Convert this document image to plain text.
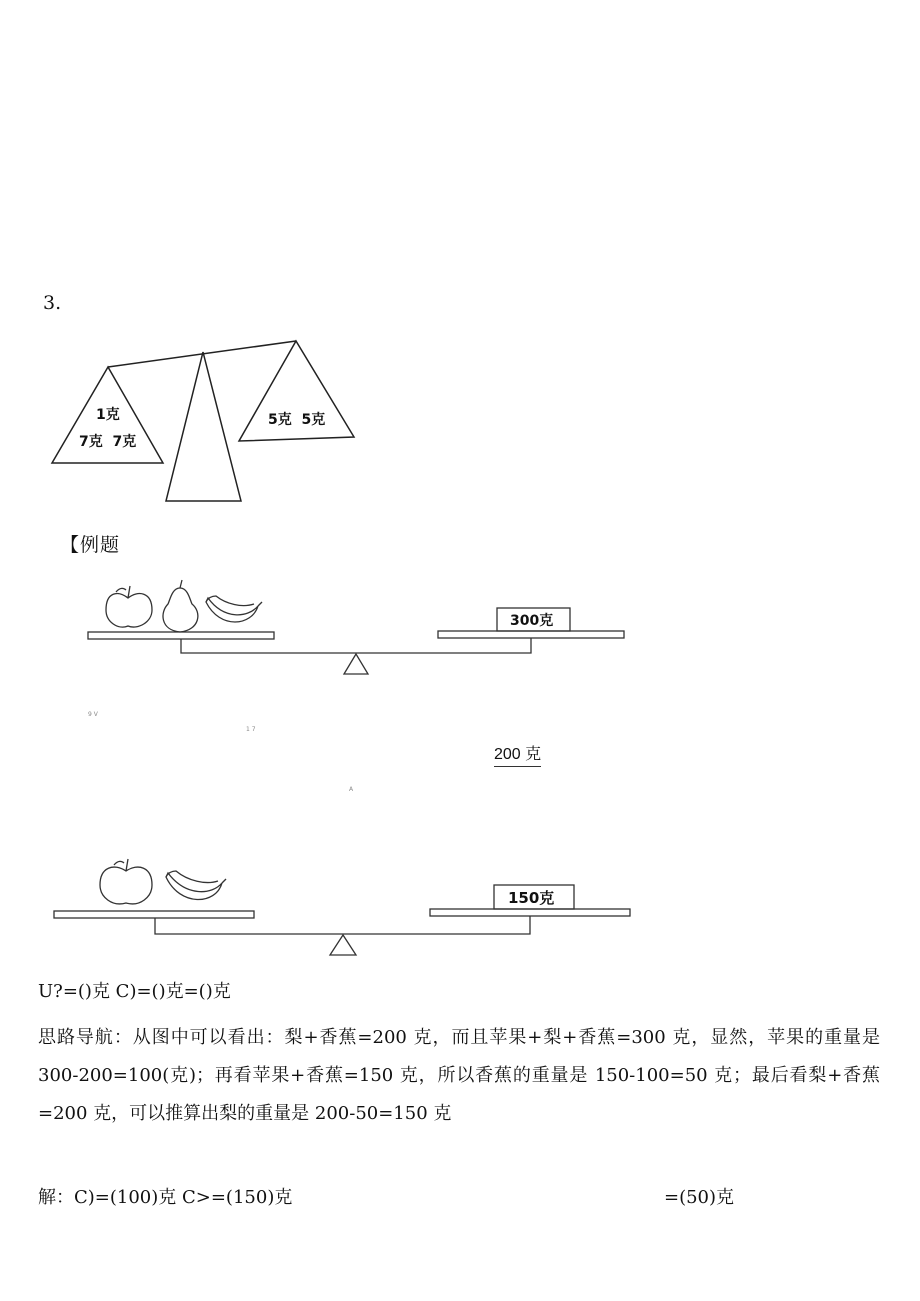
3.
1克
7克  7克
5克  5克
【例题
300克
9 V
1 7
A
200 克
150克
U?=()克 C)=()克=()克
思路导航：从图中可以看出：梨+香蕉=200 克，而且苹果+梨+香蕉=300 克，显然，苹果的重量是 300-200=100(克)；再看苹果+香蕉=150 克，所以香蕉的重量是 150-100=50 克；最后看梨+香蕉=200 克，可以推算出梨的重量是 200-50=150 克
解：C)=(100)克 C>=(150)克	=(50)克
